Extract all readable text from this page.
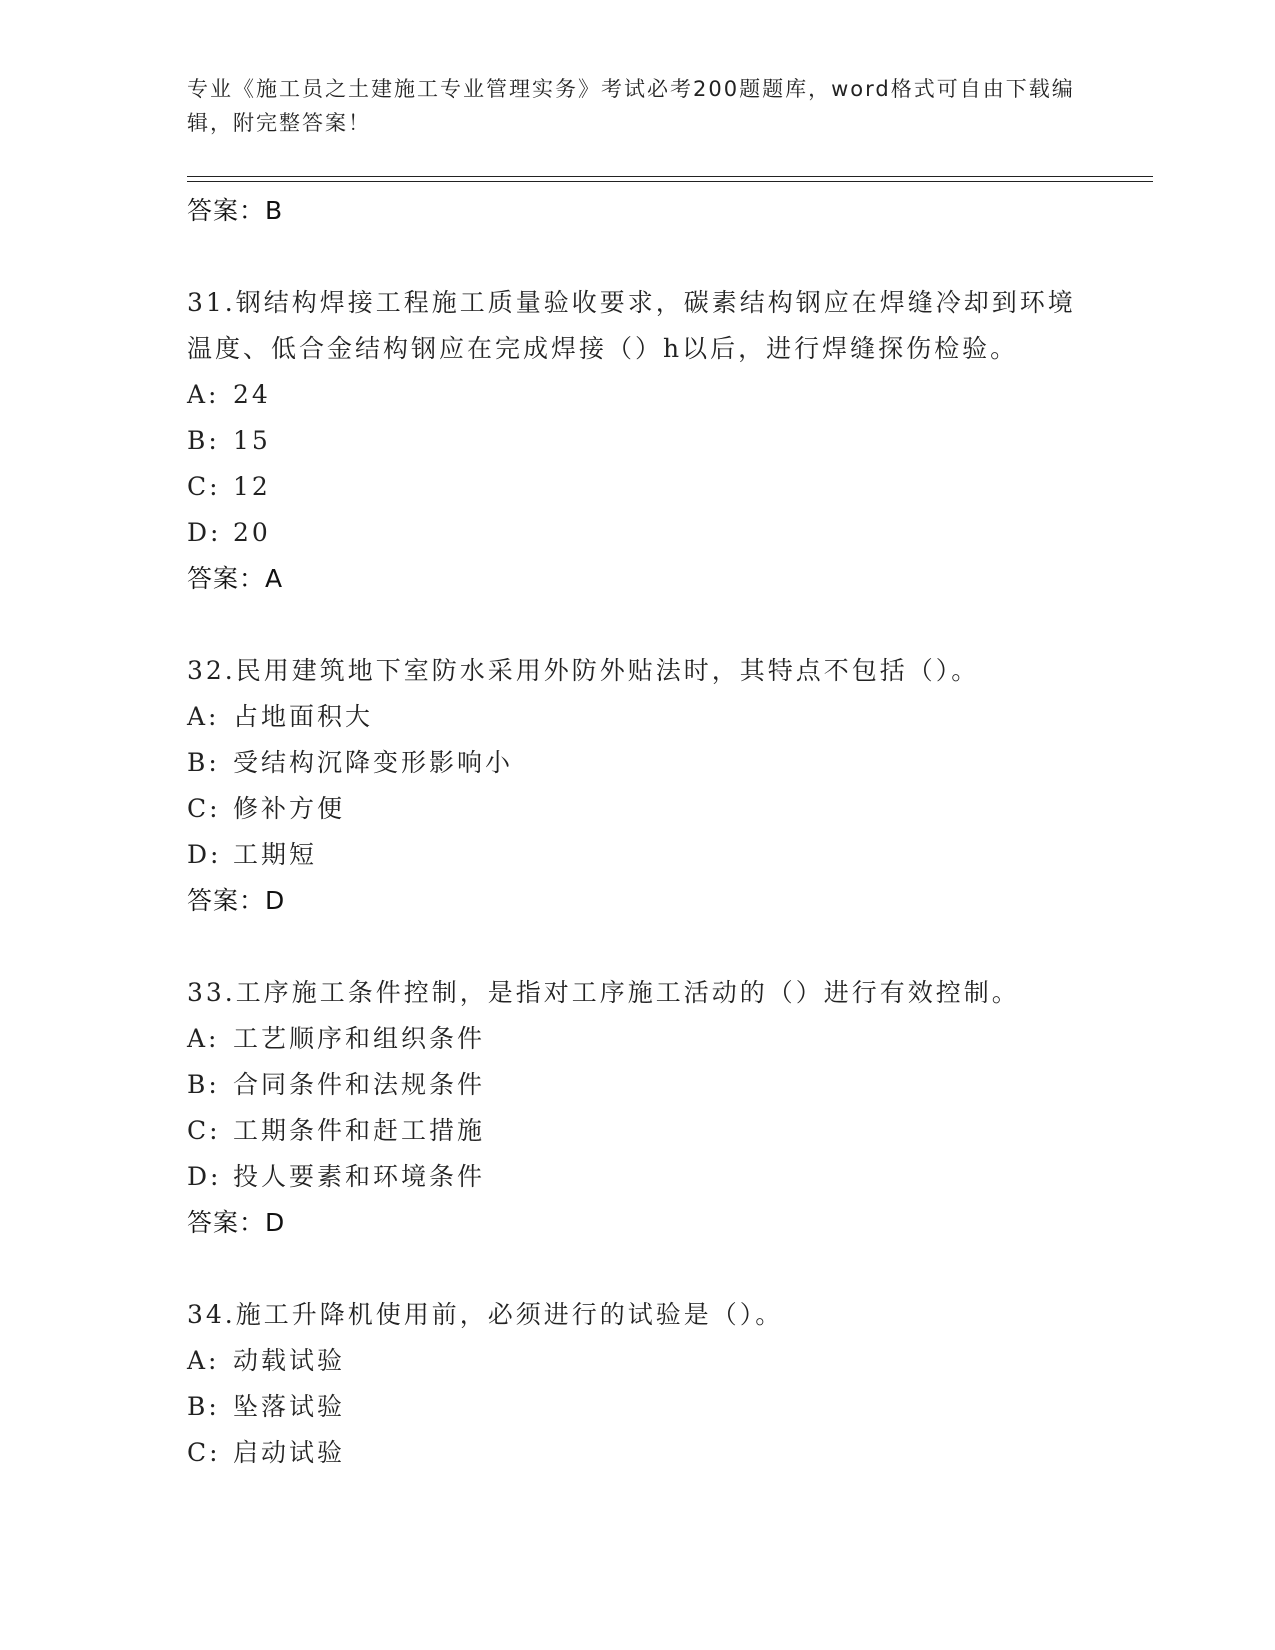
专业《施工员之土建施工专业管理实务》考试必考200题题库，word格式可自由下载编辑，附完整答案！
答案：B
31.钢结构焊接工程施工质量验收要求，碳素结构钢应在焊缝冷却到环境温度、低合金结构钢应在完成焊接（）h以后，进行焊缝探伤检验。
A: 24
B: 15
C: 12
D: 20
答案：A
32.民用建筑地下室防水采用外防外贴法时，其特点不包括（）。
A: 占地面积大
B: 受结构沉降变形影响小
C: 修补方便
D: 工期短
答案：D
33.工序施工条件控制，是指对工序施工活动的（）进行有效控制。
A: 工艺顺序和组织条件
B: 合同条件和法规条件
C: 工期条件和赶工措施
D: 投人要素和环境条件
答案：D
34.施工升降机使用前，必须进行的试验是（）。
A: 动载试验
B: 坠落试验
C: 启动试验
